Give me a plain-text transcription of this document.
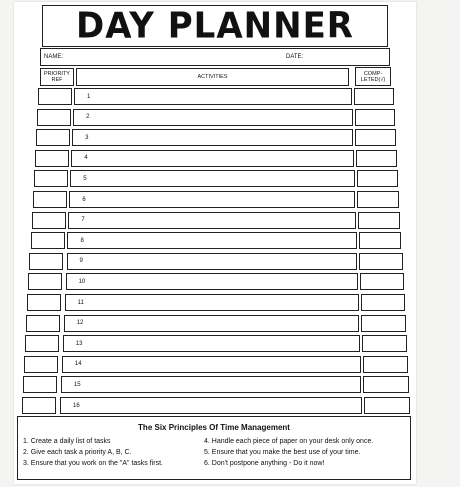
DAY PLANNER
NAME:	DATE:
PRIORITY REF	ACTIVITIES
COMP-LETED(√)
1
2
3
4
5
6
7
8
9
10
11
12
13
14
15
16
The Six Principles Of Time Management
1. Create a daily list of tasks
2. Give each task a priority A, B, C.
3. Ensure that you work on the "A" tasks first.
4. Handle each piece of paper on your desk only once.
5. Ensure that you make the best use of your time.
6. Don't postpone anything - Do it now!
